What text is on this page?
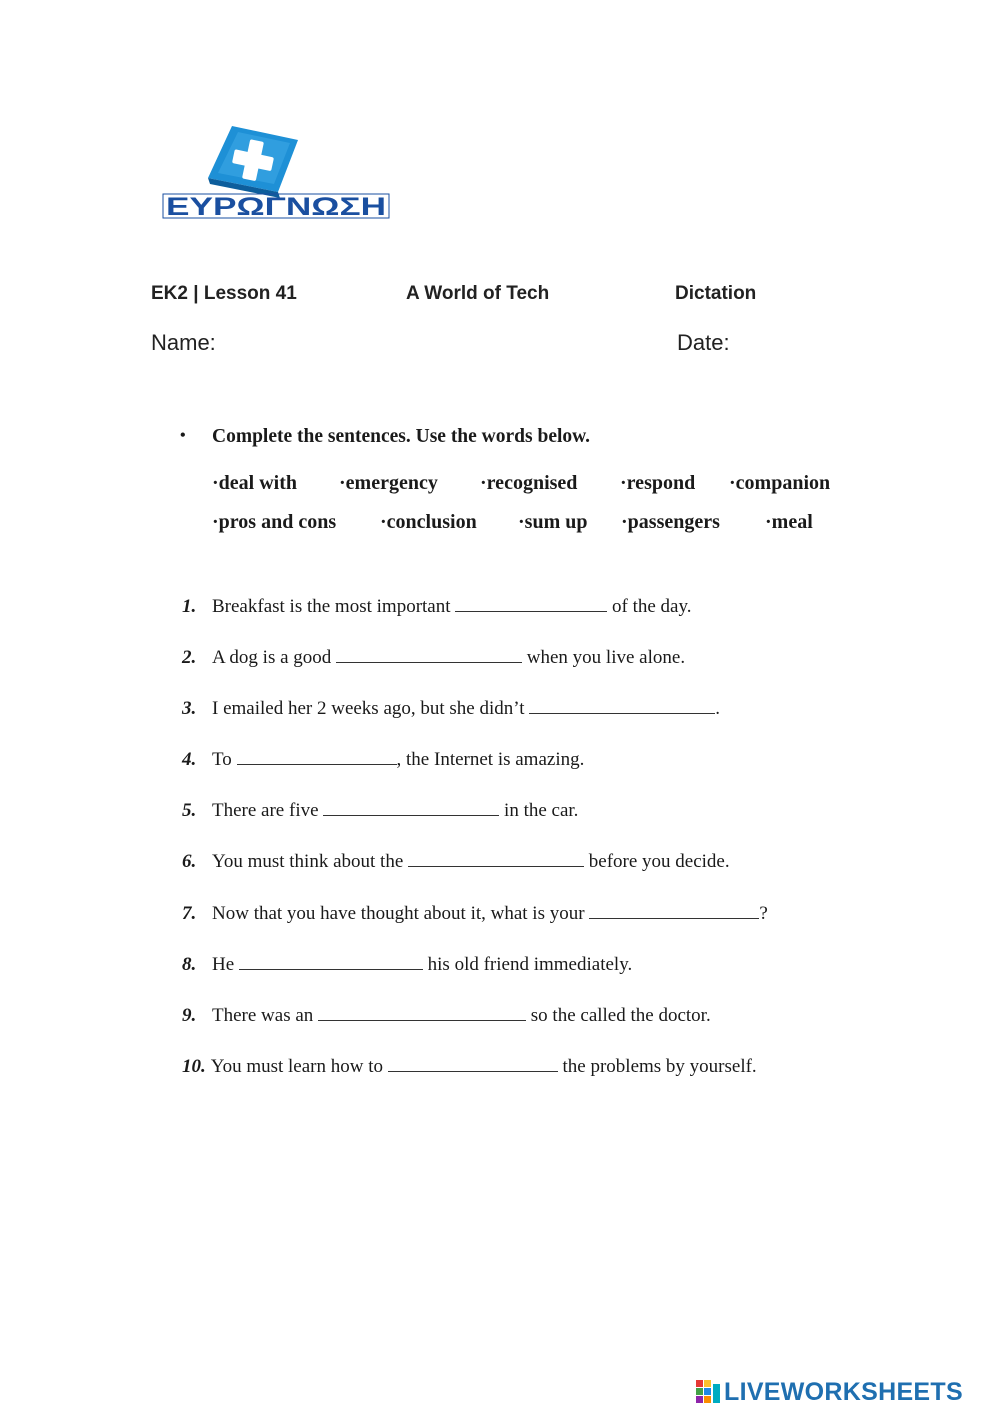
ΕΥΡΩΓΝΩΣΗ
EK2 | Lesson 41	A World of Tech	Dictation
Name:	Date:
• Complete the sentences. Use the words below.
·deal with ·emergency ·recognised ·respond ·companion
·pros and cons ·conclusion ·sum up ·passengers ·meal
1. Breakfast is the most important	of the day.
2. A dog is a good	when you live alone.
3. I emailed her 2 weeks ago, but she didn’t	.
4. To	, the Internet is amazing.
5. There are five	in the car.
6. You must think about the	before you decide.
7. Now that you have thought about it, what is your	?
8. He	his old friend immediately.
9. There was an	so the called the doctor.
10. You must learn how to	the problems by yourself.
LIVEWORKSHEETS
